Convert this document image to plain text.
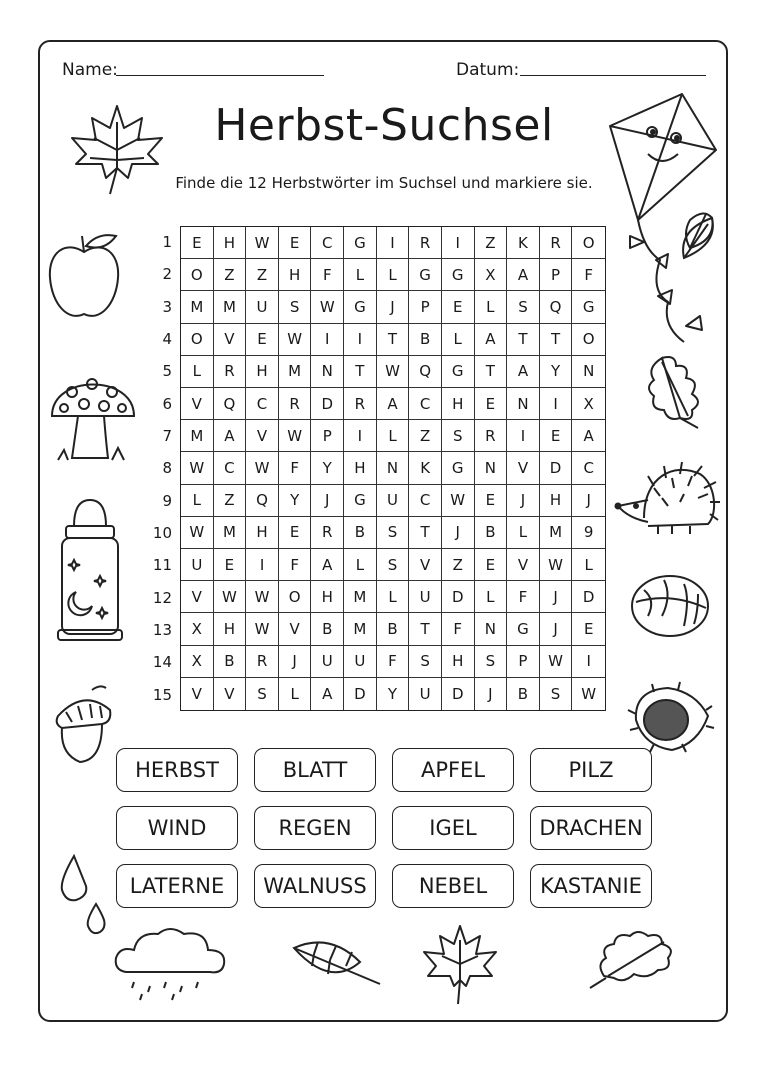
Name:	Datum:
Herbst-Suchsel
Finde die 12 Herbstwörter im Suchsel und markiere sie.
1
2
3
4
5
6
7
8
9
10
11
12
13
14
15
E	H	W	E	C	G	I	R	I	Z	K	R	O
O	Z	Z	H	F	L	L	G	G	X	A	P	F
M	M	U	S	W	G	J	P	E	L	S	Q	G
O	V	E	W	I	I	T	B	L	A	T	T	O
L	R	H	M	N	T	W	Q	G	T	A	Y	N
V	Q	C	R	D	R	A	C	H	E	N	I	X
M	A	V	W	P	I	L	Z	S	R	I	E	A
W	C	W	F	Y	H	N	K	G	N	V	D	C
L	Z	Q	Y	J	G	U	C	W	E	J	H	J
W	M	H	E	R	B	S	T	J	B	L	M	9
U	E	I	F	A	L	S	V	Z	E	V	W	L
V	W	W	O	H	M	L	U	D	L	F	J	D
X	H	W	V	B	M	B	T	F	N	G	J	E
X	B	R	J	U	U	F	S	H	S	P	W	I
V	V	S	L	A	D	Y	U	D	J	B	S	W
HERBST	BLATT	APFEL	PILZ
WIND	REGEN	IGEL	DRACHEN
LATERNE	WALNUSS	NEBEL	KASTANIE
